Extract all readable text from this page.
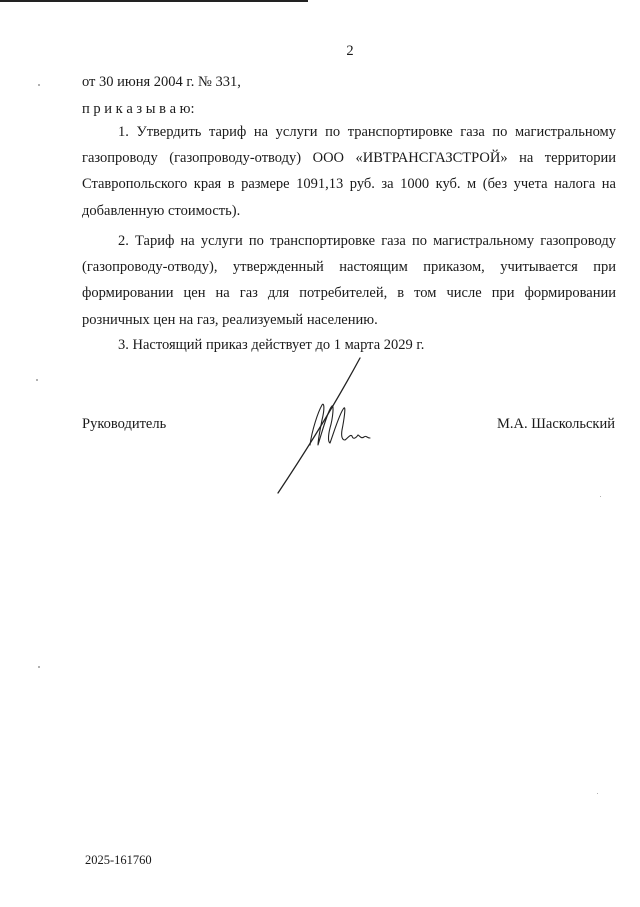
2
от 30 июня 2004 г. № 331,
п р и к а з ы в а ю:

1. Утвердить тариф на услуги по транспортировке газа по магистральному газопроводу (газопроводу-отводу) ООО «ИВТРАНСГАЗСТРОЙ» на территории Ставропольского края в размере 1091,13 руб. за 1000 куб. м (без учета налога на добавленную стоимость).

2. Тариф на услуги по транспортировке газа по магистральному газопроводу (газопроводу-отводу), утвержденный настоящим приказом, учитывается при формировании цен на газ для потребителей, в том числе при формировании розничных цен на газ, реализуемый населению.

3. Настоящий приказ действует до 1 марта 2029 г.

Руководитель	М.А. Шаскольский
2025-161760
